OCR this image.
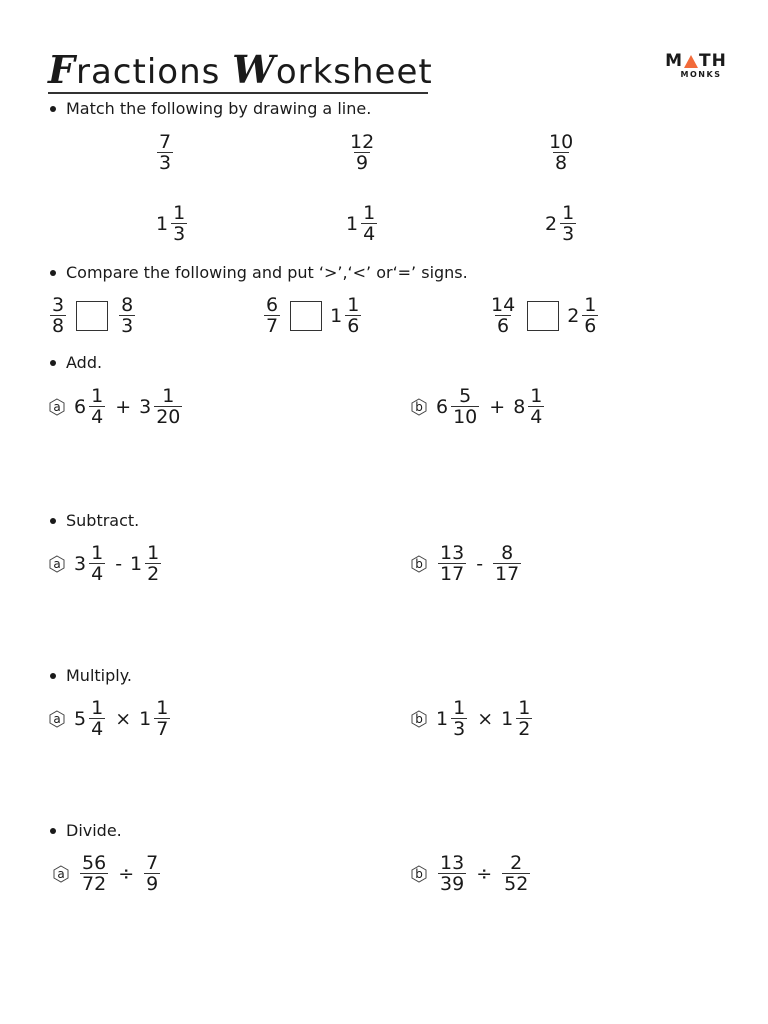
Fractions Worksheet	M TH
MONKS
Match the following by drawing a line.
$\frac{7}{3}$	$\frac{12}{9}$	$\frac{10}{8}$
$1 \frac{1}{3}$	$1 \frac{1}{4}$	$2 \frac{1}{3}$
Compare the following and put ‘>’,‘<’ or‘=’ signs.
$\frac{3}{8}$	$\frac{8}{3}$	$\frac{6}{7}$	$1 \frac{1}{6}$	$\frac{14}{6}$	$2 \frac{1}{6}$
Add.
a $6 \frac{1}{4} + 3 \frac{1}{20}$	b $6 \frac{5}{10} + 8 \frac{1}{4}$
Subtract.
a $3 \frac{1}{4} - 1 \frac{1}{2}$	b $\frac{13}{17} - \frac{8}{17}$
Multiply.
a $5 \frac{1}{4} \times 1 \frac{1}{7}$	b $1 \frac{1}{3} \times 1 \frac{1}{2}$
Divide.
a $\frac{56}{72} \div \frac{7}{9}$	b $\frac{13}{39} \div \frac{2}{52}$
